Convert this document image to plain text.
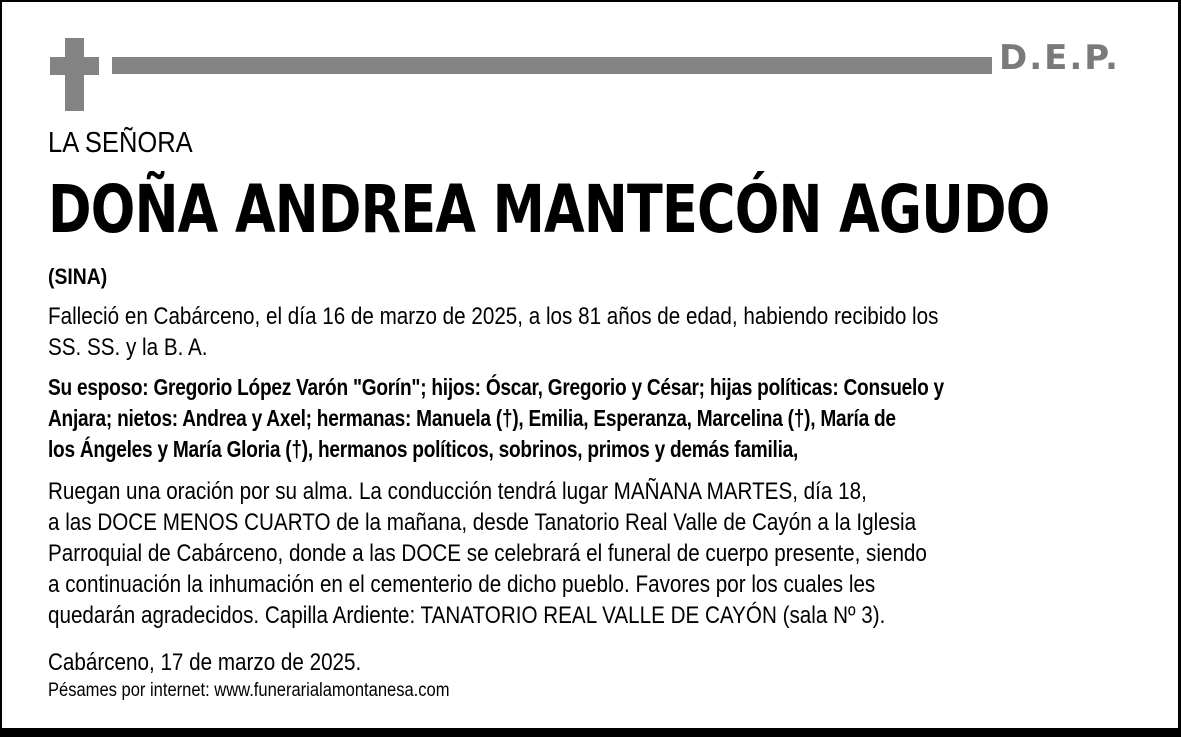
D.E.P.
LA SEÑORA
DOÑA ANDREA MANTECÓN AGUDO
(SINA)
Falleció en Cabárceno, el día 16 de marzo de 2025, a los 81 años de edad, habiendo recibido los
SS. SS. y la B. A.
Su esposo: Gregorio López Varón "Gorín"; hijos: Óscar, Gregorio y César; hijas políticas: Consuelo y
Anjara; nietos: Andrea y Axel; hermanas: Manuela (†), Emilia, Esperanza, Marcelina (†), María de
los Ángeles y María Gloria (†), hermanos políticos, sobrinos, primos y demás familia,
Ruegan una oración por su alma. La conducción tendrá lugar MAÑANA MARTES, día 18,
a las DOCE MENOS CUARTO de la mañana, desde Tanatorio Real Valle de Cayón a la Iglesia
Parroquial de Cabárceno, donde a las DOCE se celebrará el funeral de cuerpo presente, siendo
a continuación la inhumación en el cementerio de dicho pueblo. Favores por los cuales les
quedarán agradecidos. Capilla Ardiente: TANATORIO REAL VALLE DE CAYÓN (sala Nº 3).
Cabárceno, 17 de marzo de 2025.
Pésames por internet: www.funerarialamontanesa.com
